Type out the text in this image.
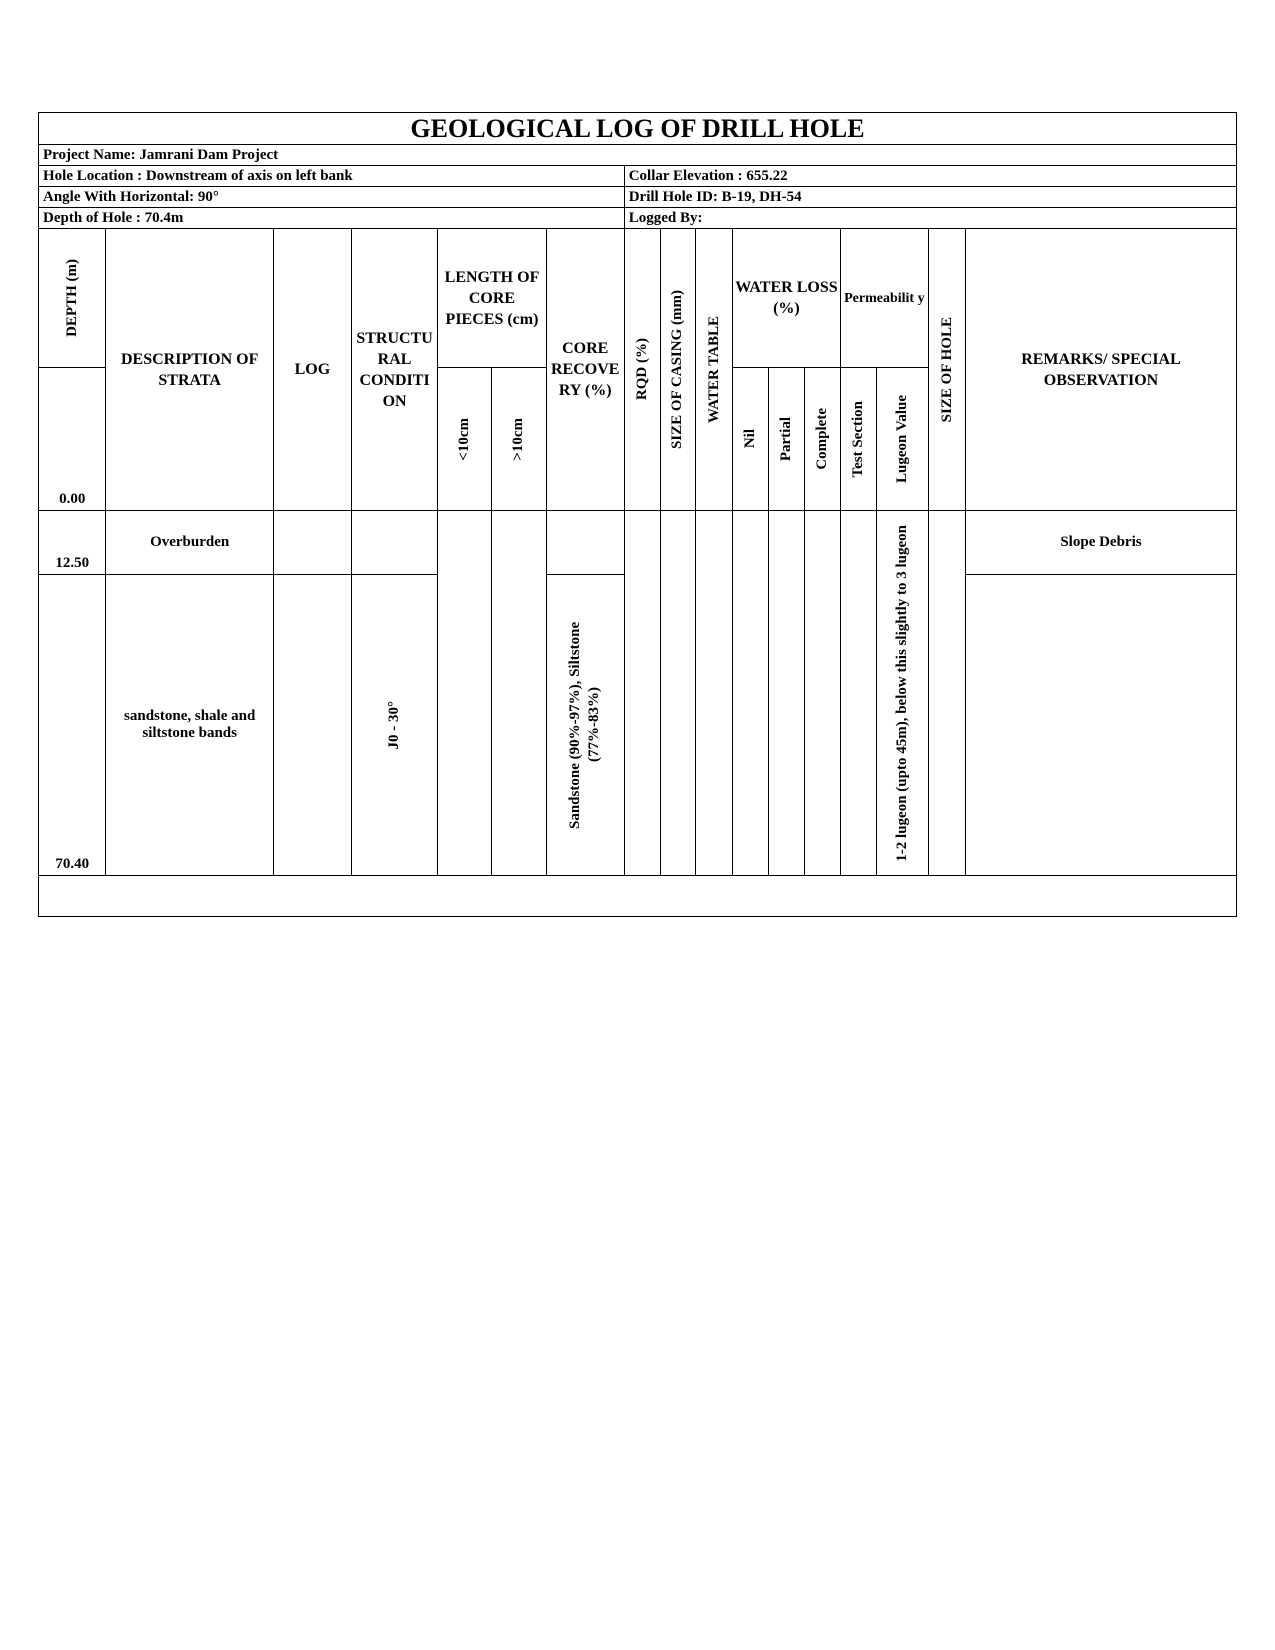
GEOLOGICAL LOG OF DRILL HOLE																
Project Name: Jamrani Dam Project																
Hole Location : Downstream of axis on left bank							Collar Elevation : 655.22									
Angle With Horizontal: 90°							Drill Hole ID: B-19, DH-54									
Depth of Hole : 70.4m							Logged By:									

DEPTH (m)	DESCRIPTION OF STRATA	LOG	STRUCTU RAL CONDITI ON	LENGTH OF CORE PIECES (cm)		CORE RECOVE RY (%)	RQD (%)	SIZE OF CASING (mm)	WATER TABLE	WATER LOSS (%)			Permeabilit y		SIZE OF HOLE	REMARKS/ SPECIAL OBSERVATION
0.00				<10cm	>10cm					Nil	Partial	Complete	Test Section	Lugeon Value		

12.50	Overburden													1-2 lugeon (upto 45m), below this slightly to 3 lugeon		Slope Debris
70.40	sandstone, shale and siltstone bands		J0 - 30°			Sandstone (90%-97%), Siltstone (77%-83%)										
